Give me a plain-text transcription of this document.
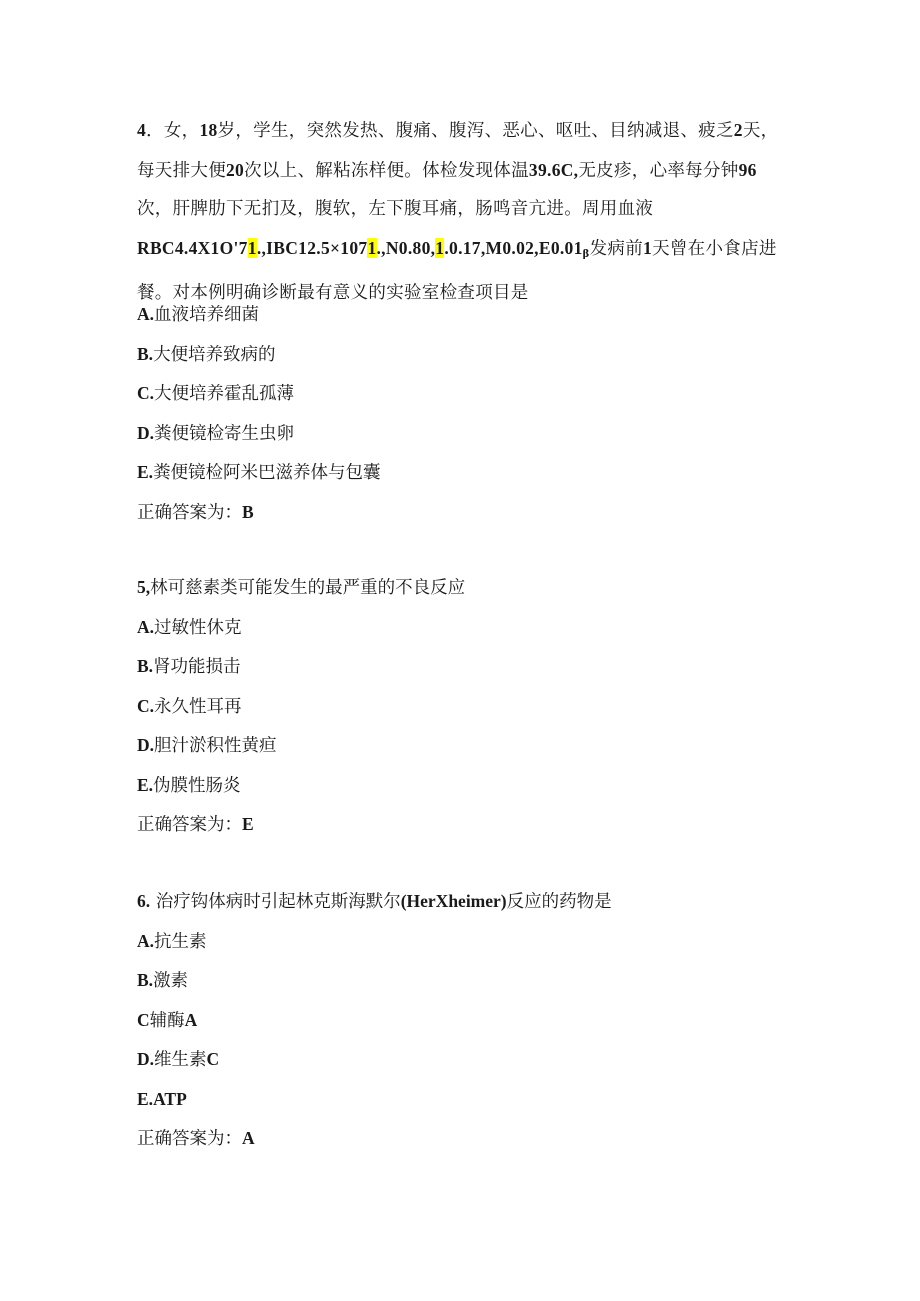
4．女，18岁，学生，突然发热、腹痛、腹泻、恶心、呕吐、目纳减退、疲乏2天，每天排大便20次以上、解粘冻样便。体检发现体温39.6C,无皮疹，心率每分钟96次，肝脾肋下无扪及，腹软，左下腹耳痛，肠鸣音亢进。周用血液
$RBC4.4X1O'71.,IBC12.5\times 1071.,N0.80,1.0.17,M0.02,E0.01_\beta$发病前1天曾在小食店进餐。对本例明确诊断最有意义的实验室检查项目是

A.血液培养细菌

B.大便培养致病的

C.大便培养霍乱孤薄

D.粪便镜检寄生虫卵

E.粪便镜检阿米巴滋养体与包囊

正确答案为：B

5,林可慈素类可能发生的最严重的不良反应

A.过敏性休克

B.肾功能损击

C.永久性耳再

D.胆汁淤积性黄疸

E.伪膜性肠炎

正确答案为：E

6. 治疗钩体病时引起林克斯海默尔(HerXheimer)反应的药物是

A.抗生素

B.激素

C辅酶A

D.维生素C

E.ATP

正确答案为：A
